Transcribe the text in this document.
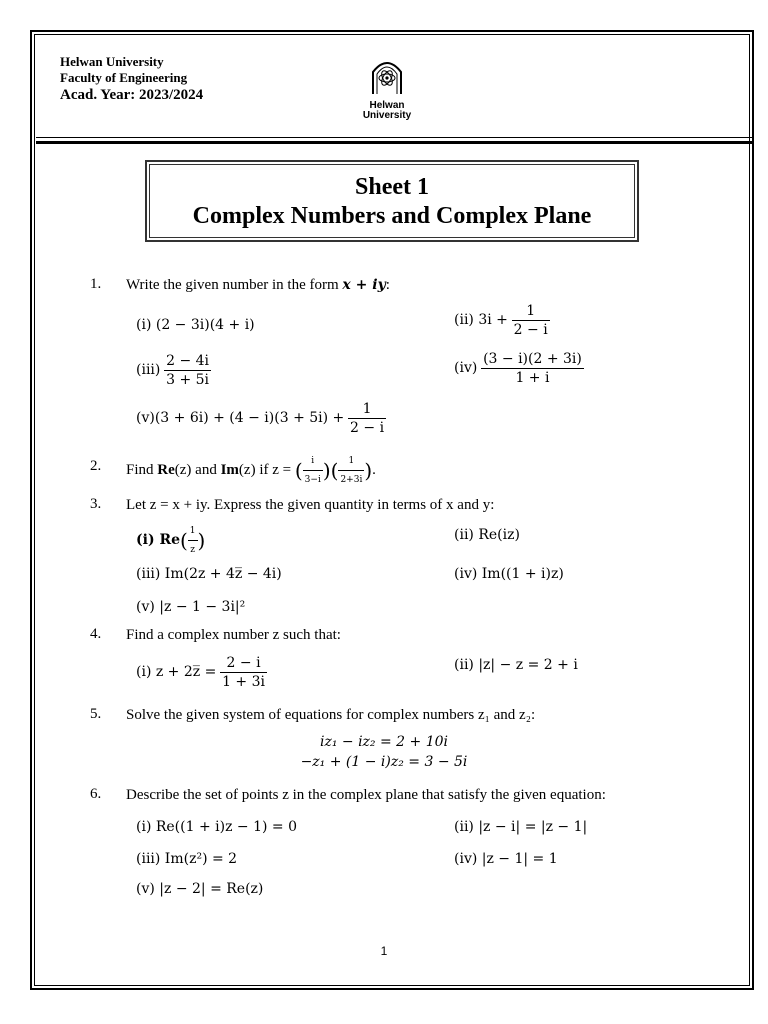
Helwan University
Faculty of Engineering
Acad. Year: 2023/2024
Helwan
University
Sheet 1
Complex Numbers and Complex Plane
1. Write the given number in the form x + iy:
(i) (2 − 3i)(4 + i)	(ii) $3i + \frac{1}{2 - i}$
$(iii) \frac{2 - 4i}{3 + 5i}$	$(iv) \frac{(3 - i)(2 + 3i)}{1 + i}$
$(v)(3 + 6i) + (4 - i)(3 + 5i) + \frac{1}{2 - i}$
2. Find Re(z) and Im(z) if z = ( $\frac{i}{3-i}$ )( $\frac{1}{2+3i}$ ).
3. Let z = x + iy. Express the given quantity in terms of x and y:
(i) $Re( \frac{1}{z}$ )	(ii) Re(iz)
(iii) Im(2z + 4z̅ − 4i)	(iv) Im((1 + i)z)
(v) |z − 1 − 3i|²
4. Find a complex number z such that:
(i) z + 2z̅ = $\frac{2 - i}{1 + 3i}$	(ii) |z| − z = 2 + i
5. Solve the given system of equations for complex numbers z₁ and z₂:
iz₁ − iz₂ = 2 + 10i
−z₁ + (1 − i)z₂ = 3 − 5i
6. Describe the set of points z in the complex plane that satisfy the given equation:
(i) Re((1 + i)z − 1) = 0	(ii) |z − i| = |z − 1|
(iii) Im(z²) = 2	(iv) |z − 1| = 1
(v) |z − 2| = Re(z)
1
